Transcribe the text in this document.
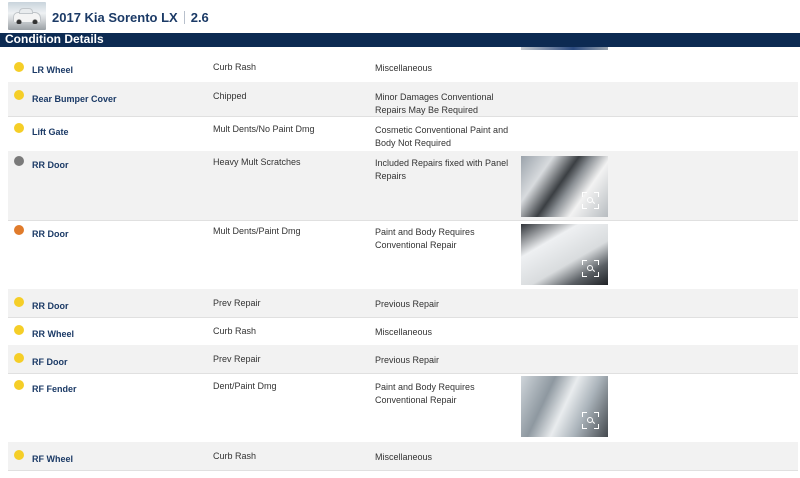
2017 Kia Sorento LX 2.6
Condition Details
LR Wheel	Curb Rash	Miscellaneous
Rear Bumper Cover	Chipped	Minor Damages Conventional Repairs May Be Required
Lift Gate	Mult Dents/No Paint Dmg	Cosmetic Conventional Paint and Body Not Required
RR Door	Heavy Mult Scratches	Included Repairs fixed with Panel Repairs
RR Door	Mult Dents/Paint Dmg	Paint and Body Requires Conventional Repair
RR Door	Prev Repair	Previous Repair
RR Wheel	Curb Rash	Miscellaneous
RF Door	Prev Repair	Previous Repair
RF Fender	Dent/Paint Dmg	Paint and Body Requires Conventional Repair
RF Wheel	Curb Rash	Miscellaneous
